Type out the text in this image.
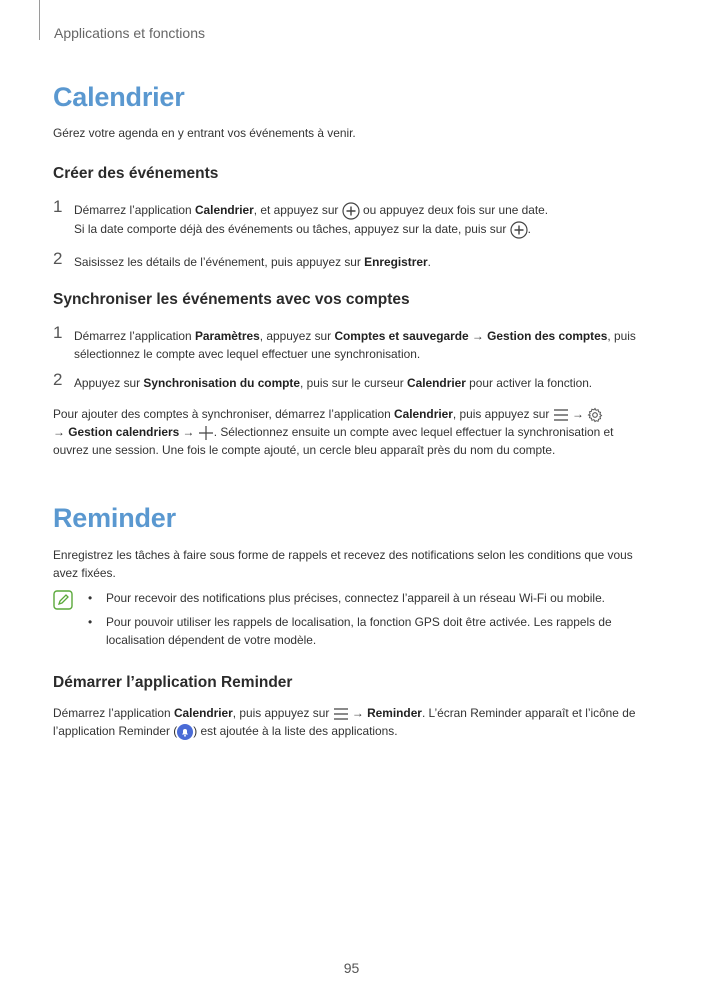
Applications et fonctions
Calendrier
Gérez votre agenda en y entrant vos événements à venir.
Créer des événements
1 Démarrez l’application Calendrier, et appuyez sur  ou appuyez deux fois sur une date.
Si la date comporte déjà des événements ou tâches, appuyez sur la date, puis sur .
2 Saisissez les détails de l’événement, puis appuyez sur Enregistrer.
Synchroniser les événements avec vos comptes
1 Démarrez l’application Paramètres, appuyez sur Comptes et sauvegarde → Gestion des comptes, puis
sélectionnez le compte avec lequel effectuer une synchronisation.
2 Appuyez sur Synchronisation du compte, puis sur le curseur Calendrier pour activer la fonction.
Pour ajouter des comptes à synchroniser, démarrez l’application Calendrier, puis appuyez sur  →
→ Gestion calendriers → . Sélectionnez ensuite un compte avec lequel effectuer la synchronisation et
ouvrez une session. Une fois le compte ajouté, un cercle bleu apparaît près du nom du compte.
Reminder
Enregistrez les tâches à faire sous forme de rappels et recevez des notifications selon les conditions que vous
avez fixées.

• Pour recevoir des notifications plus précises, connectez l’appareil à un réseau Wi-Fi ou mobile.

• Pour pouvoir utiliser les rappels de localisation, la fonction GPS doit être activée. Les rappels de localisation dépendent de votre modèle.

Démarrer l’application Reminder
Démarrez l’application Calendrier, puis appuyez sur  → Reminder. L’écran Reminder apparaît et l’icône de
l’application Reminder ( ) est ajoutée à la liste des applications.
95
